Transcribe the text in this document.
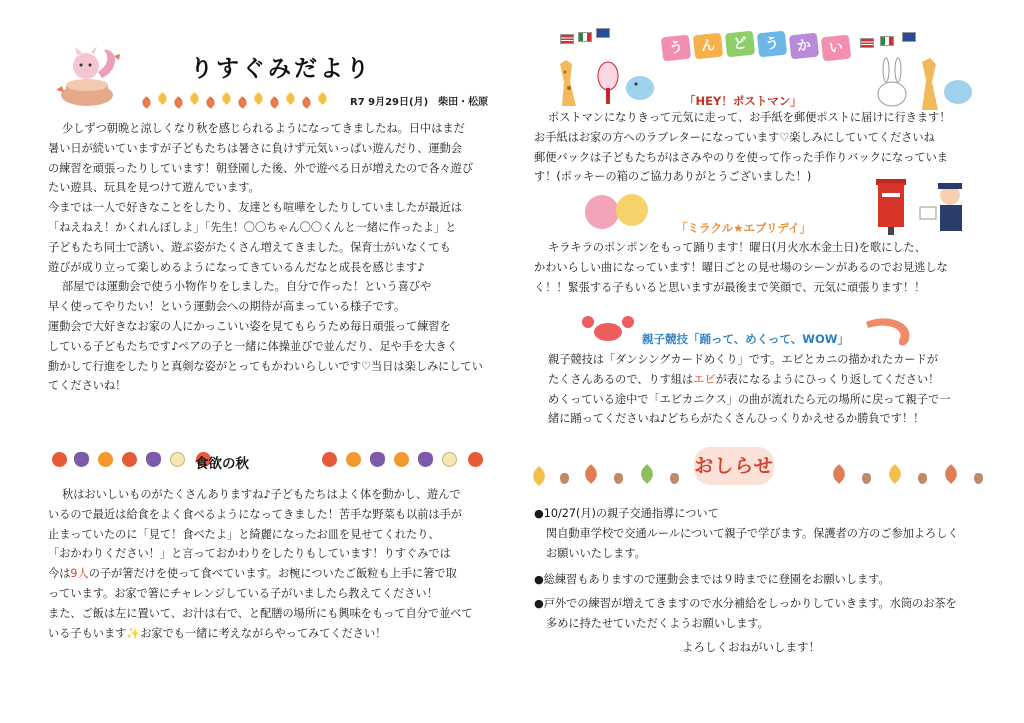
りすぐみだより
R7 9月29日(月)　柴田・松原
少しずつ朝晩と涼しくなり秋を感じられるようになってきましたね。日中はまだ
暑い日が続いていますが子どもたちは暑さに負けず元気いっぱい遊んだり、運動会
の練習を頑張ったりしています！朝登園した後、外で遊べる日が増えたので各々遊び
たい遊具、玩具を見つけて遊んでいます。
今までは一人で好きなことをしたり、友達とも喧嘩をしたりしていましたが最近は
「ねえねえ！かくれんぼしよ」「先生！〇〇ちゃん〇〇くんと一緒に作ったよ」と
子どもたち同士で誘い、遊ぶ姿がたくさん増えてきました。保育士がいなくても
遊びが成り立って楽しめるようになってきているんだなと成長を感じます♪
部屋では運動会で使う小物作りをしました。自分で作った！という喜びや
早く使ってやりたい！という運動会への期待が高まっている様子です。
運動会で大好きなお家の人にかっこいい姿を見てもらうため毎日頑張って練習を
している子どもたちです♪ペアの子と一緒に体操並びで並んだり、足や手を大きく
動かして行進をしたりと真剣な姿がとってもかわいらしいです♡当日は楽しみにしてい
てくださいね！
食欲の秋
秋はおいしいものがたくさんありますね♪子どもたちはよく体を動かし、遊んで
いるので最近は給食をよく食べるようになってきました！苦手な野菜も以前は手が
止まっていたのに「見て！食べたよ」と綺麗になったお皿を見せてくれたり、
「おかわりください！」と言っておかわりをしたりもしています！りすぐみでは
今は9人の子が箸だけを使って食べています。お椀についたご飯粒も上手に箸で取
っています。お家で箸にチャレンジしている子がいましたら教えてください！
また、ご飯は左に置いて、お汁は右で、と配膳の場所にも興味をもって自分で並べて
いる子もいます✨お家でも一緒に考えながらやってみてください！
う	ん	ど	う	か	い
「HEY！ポストマン」
ポストマンになりきって元気に走って、お手紙を郵便ポストに届けに行きます！
お手紙はお家の方へのラブレターになっています♡楽しみにしていてくださいね
郵便バックは子どもたちがはさみやのりを使って作った手作りバックになっていま
す！(ポッキーの箱のご協力ありがとうございました！)
「ミラクル★エブリデイ」
キラキラのポンポンをもって踊ります！曜日(月火水木金土日)を歌にした、
かわいらしい曲になっています！曜日ごとの見せ場のシーンがあるのでお見逃しな
く！！緊張する子もいると思いますが最後まで笑顔で、元気に頑張ります！！
親子競技「踊って、めくって、WOW」
親子競技は「ダンシングカードめくり」です。エビとカニの描かれたカードが
たくさんあるので、りす組はエビが表になるようにひっくり返してください！
めくっている途中で「エビカニクス」の曲が流れたら元の場所に戻って親子で一
緒に踊ってくださいね♪どちらがたくさんひっくりかえせるか勝負です！！
おしらせ
●10/27(月)の親子交通指導について
関自動車学校で交通ルールについて親子で学びます。保護者の方のご参加よろしく
お願いいたします。
●総練習もありますので運動会までは９時までに登園をお願いします。
●戸外での練習が増えてきますので水分補給をしっかりしていきます。水筒のお茶を
多めに持たせていただくようお願いします。
よろしくおねがいします！
